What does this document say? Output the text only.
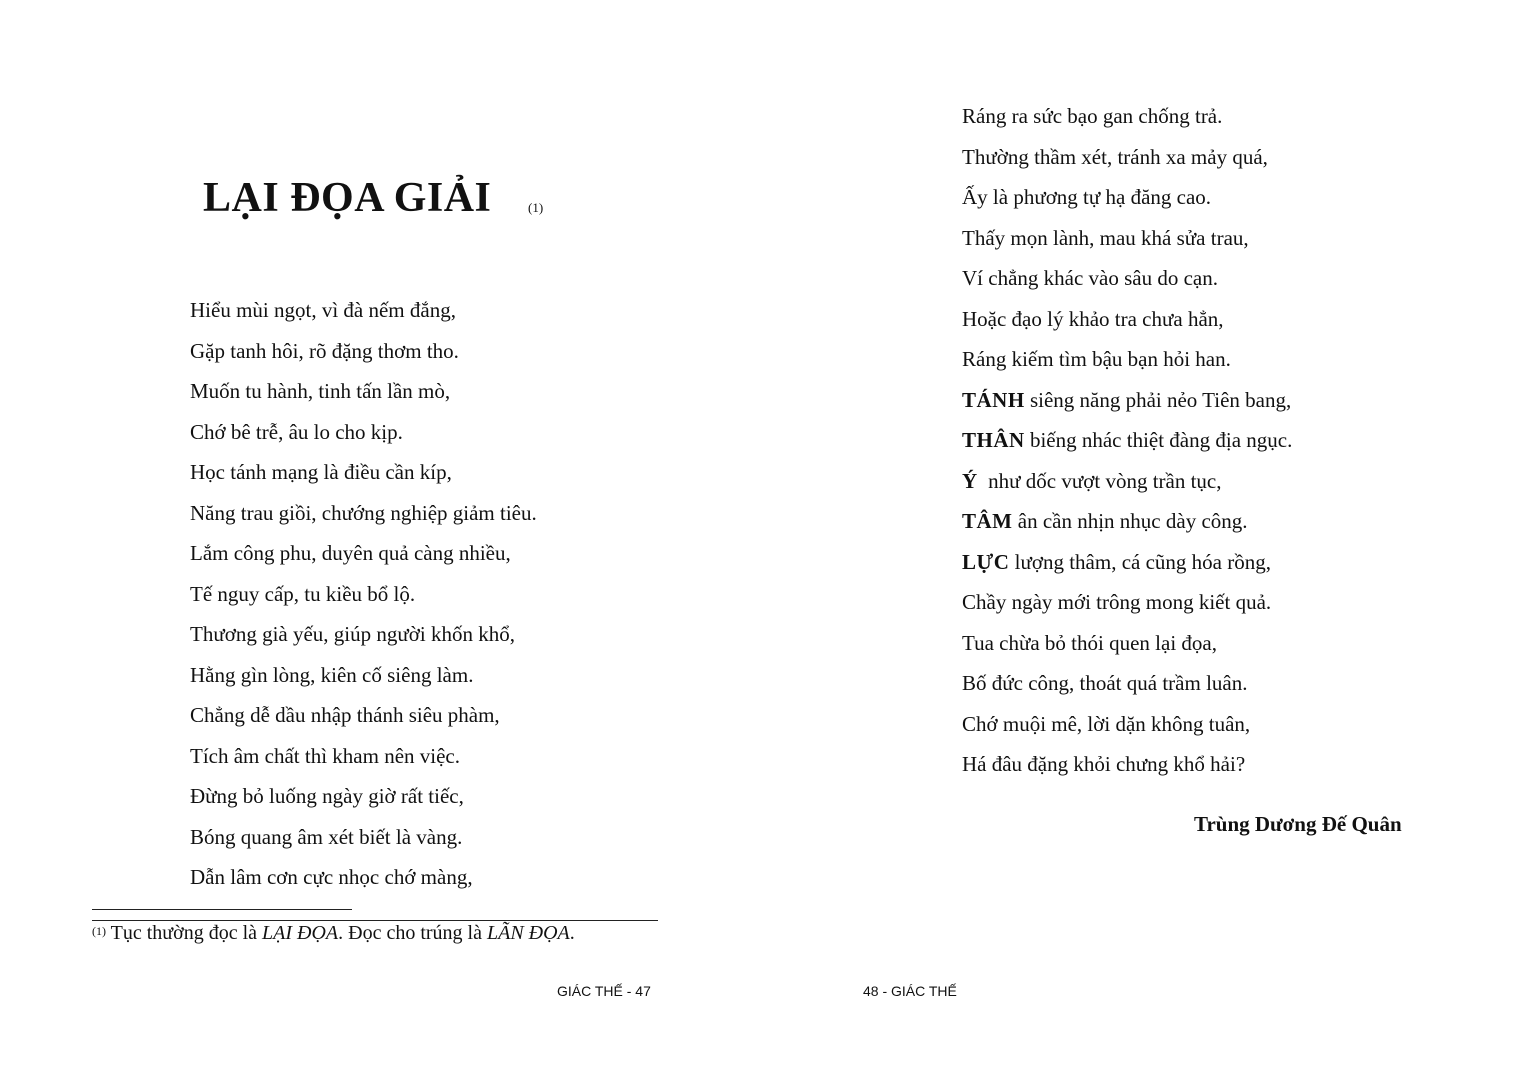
LẠI ĐỌA GIẢI	(1)
Hiểu mùi ngọt, vì đà nếm đắng,
Gặp tanh hôi, rõ đặng thơm tho.
Muốn tu hành, tinh tấn lần mò,
Chớ bê trễ, âu lo cho kịp.
Học tánh mạng là điều cần kíp,
Năng trau giồi, chướng nghiệp giảm tiêu.
Lắm công phu, duyên quả càng nhiều,
Tế nguy cấp, tu kiều bổ lộ.
Thương già yếu, giúp người khốn khổ,
Hằng gìn lòng, kiên cố siêng làm.
Chẳng dễ dầu nhập thánh siêu phàm,
Tích âm chất thì kham nên việc.
Đừng bỏ luống ngày giờ rất tiếc,
Bóng quang âm xét biết là vàng.
Dẫn lâm cơn cực nhọc chớ màng,
$^{(1)}$ Tục thường đọc là LẠI ĐỌA. Đọc cho trúng là LÃN ĐỌA.
GIÁC THẾ - 47
Ráng ra sức bạo gan chống trả.
Thường thầm xét, tránh xa mảy quá,
Ấy là phương tự hạ đăng cao.
Thấy mọn lành, mau khá sửa trau,
Ví chẳng khác vào sâu do cạn.
Hoặc đạo lý khảo tra chưa hẳn,
Ráng kiếm tìm bậu bạn hỏi han.
TÁNH siêng năng phải nẻo Tiên bang,
THÂN biếng nhác thiệt đàng địa ngục.
Ý  như dốc vượt vòng trần tục,
TÂM ân cần nhịn nhục dày công.
LỰC lượng thâm, cá cũng hóa rồng,
Chầy ngày mới trông mong kiết quả.
Tua chừa bỏ thói quen lại đọa,
Bố đức công, thoát quá trầm luân.
Chớ muội mê, lời dặn không tuân,
Há đâu đặng khỏi chưng khổ hải?
Trùng Dương Đế Quân
48 - GIÁC THẾ
